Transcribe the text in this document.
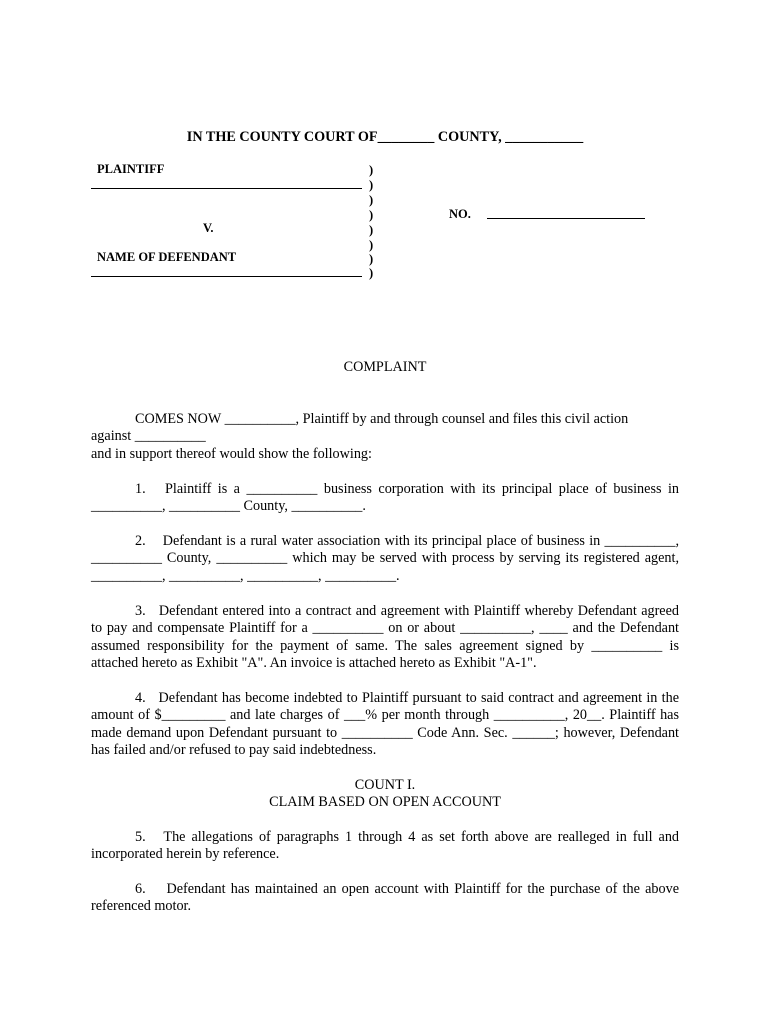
IN THE COUNTY COURT OF________ COUNTY, ___________
PLAINTIFF
V.
NAME OF DEFENDANT
)
)
)
)
)
)
)
)
NO.
COMPLAINT

COMES NOW __________, Plaintiff by and through counsel and files this civil action
against __________
and in support thereof would show the following:

1. Plaintiff is a __________ business corporation with its principal place of business in __________, __________ County, __________.

2. Defendant is a rural water association with its principal place of business in __________, __________ County, __________ which may be served with process by serving its registered agent, __________, __________, __________, __________.

3. Defendant entered into a contract and agreement with Plaintiff whereby Defendant agreed to pay and compensate Plaintiff for a __________ on or about __________, ____ and the Defendant assumed responsibility for the payment of same. The sales agreement signed by __________ is attached hereto as Exhibit "A". An invoice is attached hereto as Exhibit "A-1".

4. Defendant has become indebted to Plaintiff pursuant to said contract and agreement in the amount of $_________ and late charges of ___% per month through __________, 20__. Plaintiff has made demand upon Defendant pursuant to __________ Code Ann. Sec. ______; however, Defendant has failed and/or refused to pay said indebtedness.

COUNT I.
CLAIM BASED ON OPEN ACCOUNT

5. The allegations of paragraphs 1 through 4 as set forth above are realleged in full and incorporated herein by reference.

6. Defendant has maintained an open account with Plaintiff for the purchase of the above referenced motor.
